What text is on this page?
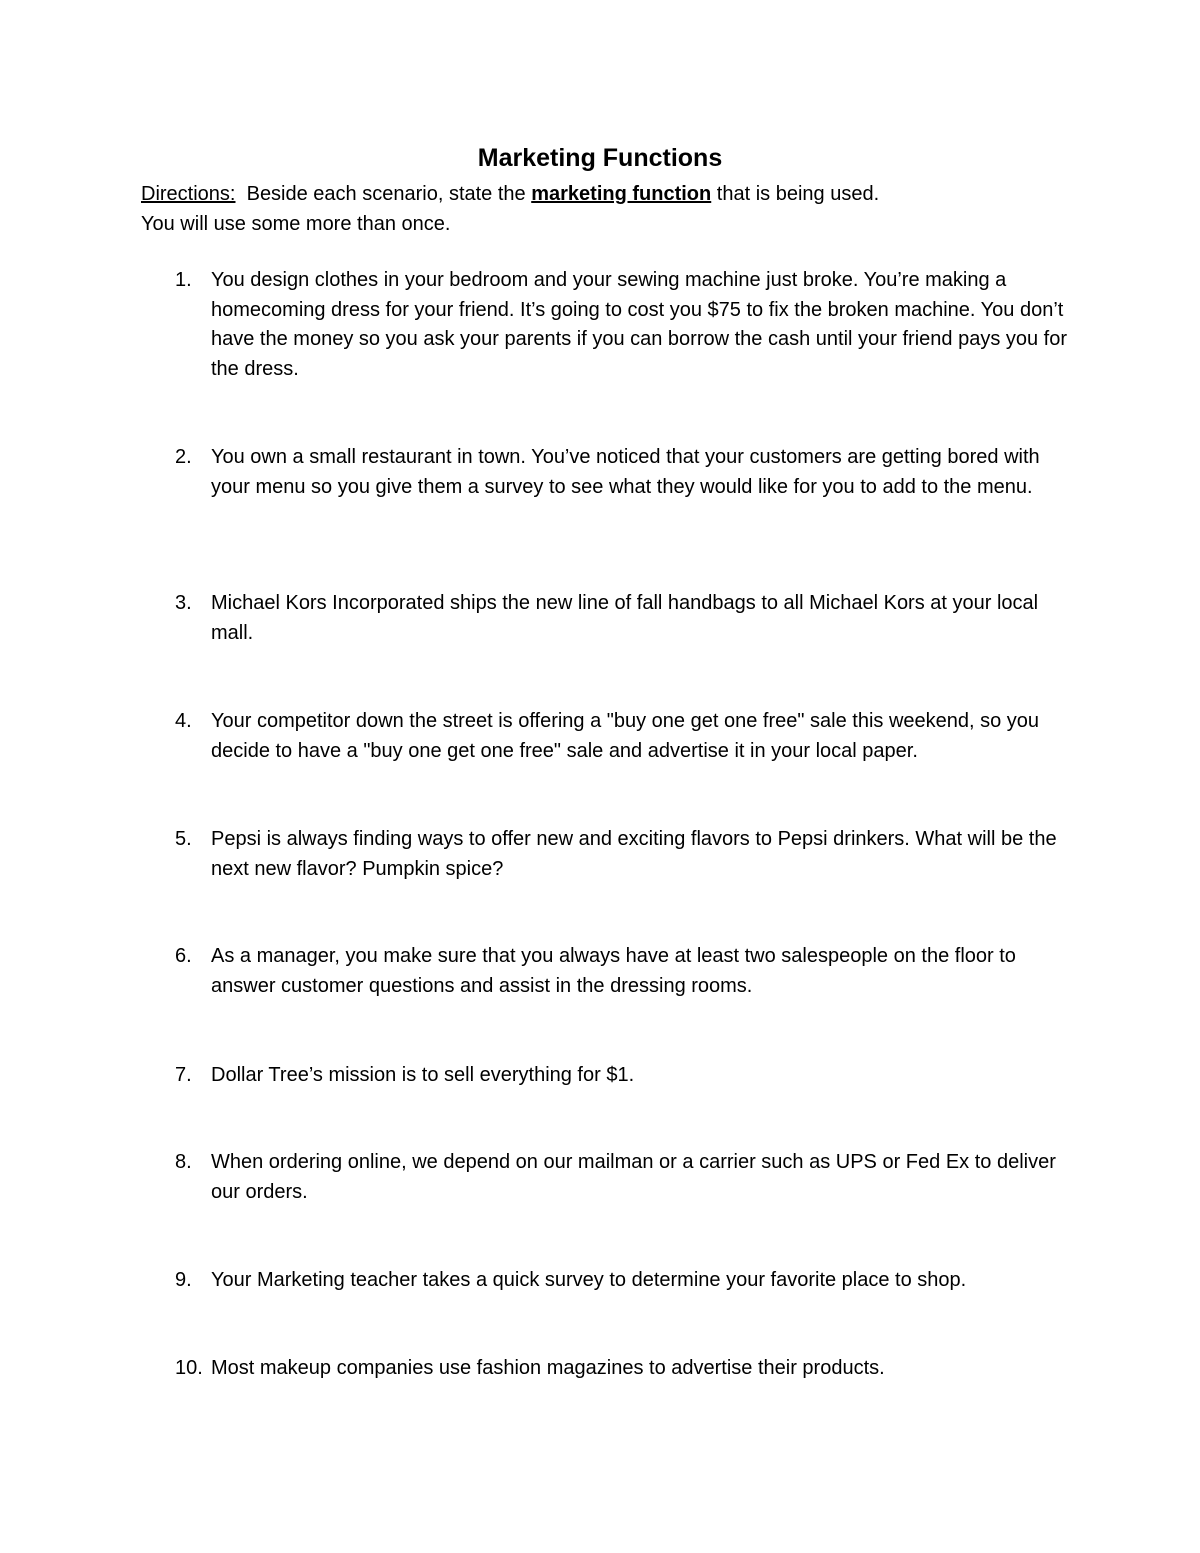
Marketing Functions
Directions:  Beside each scenario, state the marketing function that is being used.
You will use some more than once.
1. You design clothes in your bedroom and your sewing machine just broke. You’re making a homecoming dress for your friend. It’s going to cost you $75 to fix the broken machine. You don’t have the money so you ask your parents if you can borrow the cash until your friend pays you for the dress.
2. You own a small restaurant in town. You’ve noticed that your customers are getting bored with your menu so you give them a survey to see what they would like for you to add to the menu.
3. Michael Kors Incorporated ships the new line of fall handbags to all Michael Kors at your local mall.
4. Your competitor down the street is offering a "buy one get one free" sale this weekend, so you decide to have a "buy one get one free" sale and advertise it in your local paper.
5. Pepsi is always finding ways to offer new and exciting flavors to Pepsi drinkers. What will be the next new flavor? Pumpkin spice?
6. As a manager, you make sure that you always have at least two salespeople on the floor to answer customer questions and assist in the dressing rooms.
7. Dollar Tree’s mission is to sell everything for $1.
8. When ordering online, we depend on our mailman or a carrier such as UPS or Fed Ex to deliver our orders.
9. Your Marketing teacher takes a quick survey to determine your favorite place to shop.
10. Most makeup companies use fashion magazines to advertise their products.
